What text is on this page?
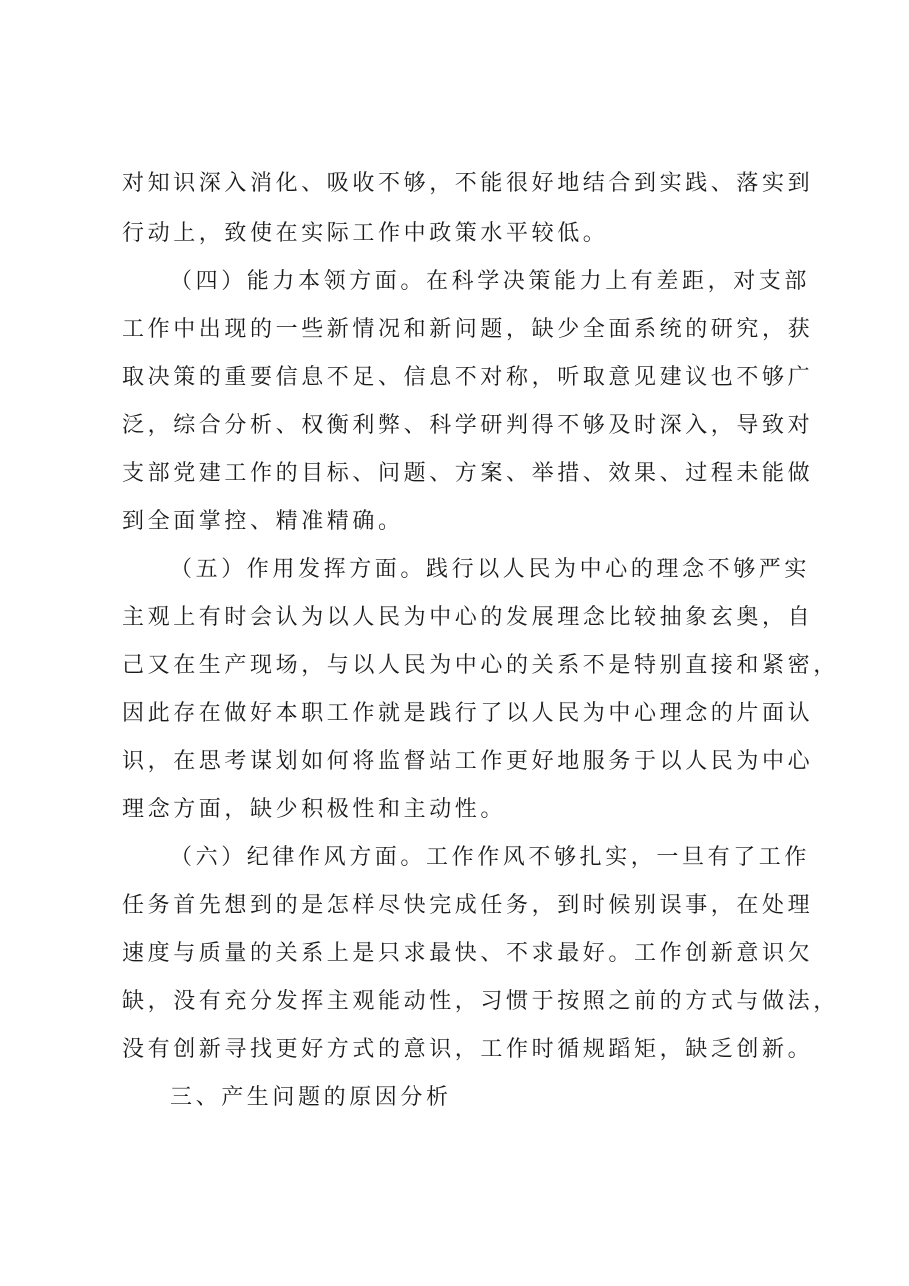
对知识深入消化、吸收不够，不能很好地结合到实践、落实到
行动上，致使在实际工作中政策水平较低。
（四）能力本领方面。在科学决策能力上有差距，对支部
工作中出现的一些新情况和新问题，缺少全面系统的研究，获
取决策的重要信息不足、信息不对称，听取意见建议也不够广
泛，综合分析、权衡利弊、科学研判得不够及时深入，导致对
支部党建工作的目标、问题、方案、举措、效果、过程未能做
到全面掌控、精准精确。
（五）作用发挥方面。践行以人民为中心的理念不够严实
主观上有时会认为以人民为中心的发展理念比较抽象玄奥，自
己又在生产现场，与以人民为中心的关系不是特别直接和紧密，
因此存在做好本职工作就是践行了以人民为中心理念的片面认
识，在思考谋划如何将监督站工作更好地服务于以人民为中心
理念方面，缺少积极性和主动性。
（六）纪律作风方面。工作作风不够扎实，一旦有了工作
任务首先想到的是怎样尽快完成任务，到时候别误事，在处理
速度与质量的关系上是只求最快、不求最好。工作创新意识欠
缺，没有充分发挥主观能动性，习惯于按照之前的方式与做法，
没有创新寻找更好方式的意识，工作时循规蹈矩，缺乏创新。
三、产生问题的原因分析
